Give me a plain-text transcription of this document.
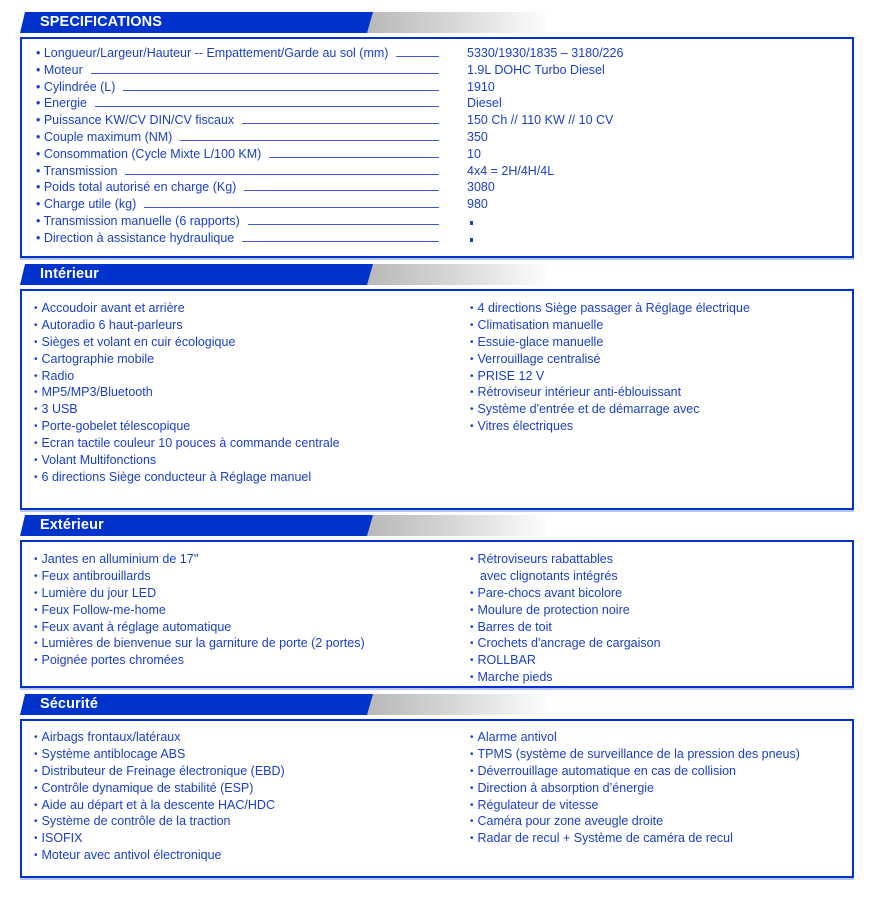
SPECIFICATIONS
• Longueur/Largeur/Hauteur -- Empattement/Garde au sol (mm)	5330/1930/1835 – 3180/226
• Moteur	1.9L DOHC Turbo Diesel
• Cylindrée (L)	1910
• Energie	Diesel
• Puissance KW/CV DIN/CV fiscaux	150 Ch // 110 KW // 10 CV
• Couple maximum (NM)	350
• Consommation (Cycle Mixte L/100 KM)	10
• Transmission	4x4 = 2H/4H/4L
• Poids total autorisé en charge (Kg)	3080
• Charge utile (kg)	980
• Transmission manuelle (6 rapports)
• Direction à assistance hydraulique
Intérieur
• Accoudoir avant et arrière
• Autoradio 6 haut-parleurs
• Sièges et volant en cuir écologique
• Cartographie mobile
• Radio
• MP5/MP3/Bluetooth
• 3 USB
• Porte-gobelet télescopique
• Ecran tactile couleur 10 pouces à commande centrale
• Volant Multifonctions
• 6 directions Siège conducteur à Réglage manuel
• 4 directions Siège passager à Réglage électrique
• Climatisation manuelle
• Essuie-glace manuelle
• Verrouillage centralisé
• PRISE 12 V
• Rétroviseur intérieur anti-éblouissant
• Système d'entrée et de démarrage avec
• Vitres électriques
Extérieur
• Jantes en alluminium de 17''
• Feux antibrouillards
• Lumière du jour LED
• Feux Follow-me-home
• Feux avant à réglage automatique
• Lumières de bienvenue sur la garniture de porte (2 portes)
• Poignée portes chromées
• Rétroviseurs rabattables
avec clignotants intégrés
• Pare-chocs avant bicolore
• Moulure de protection noire
• Barres de toit
• Crochets d'ancrage de cargaison
• ROLLBAR
• Marche pieds
Sécurité
• Airbags frontaux/latéraux
• Système antiblocage ABS
• Distributeur de Freinage électronique (EBD)
• Contrôle dynamique de stabilité (ESP)
• Aide au départ et à la descente HAC/HDC
• Système de contrôle de la traction
• ISOFIX
• Moteur avec antivol électronique
• Alarme antivol
• TPMS (système de surveillance de la pression des pneus)
• Déverrouillage automatique en cas de collision
• Direction à absorption d’énergie
• Régulateur de vitesse
• Caméra pour zone aveugle droite
• Radar de recul + Système de caméra de recul
